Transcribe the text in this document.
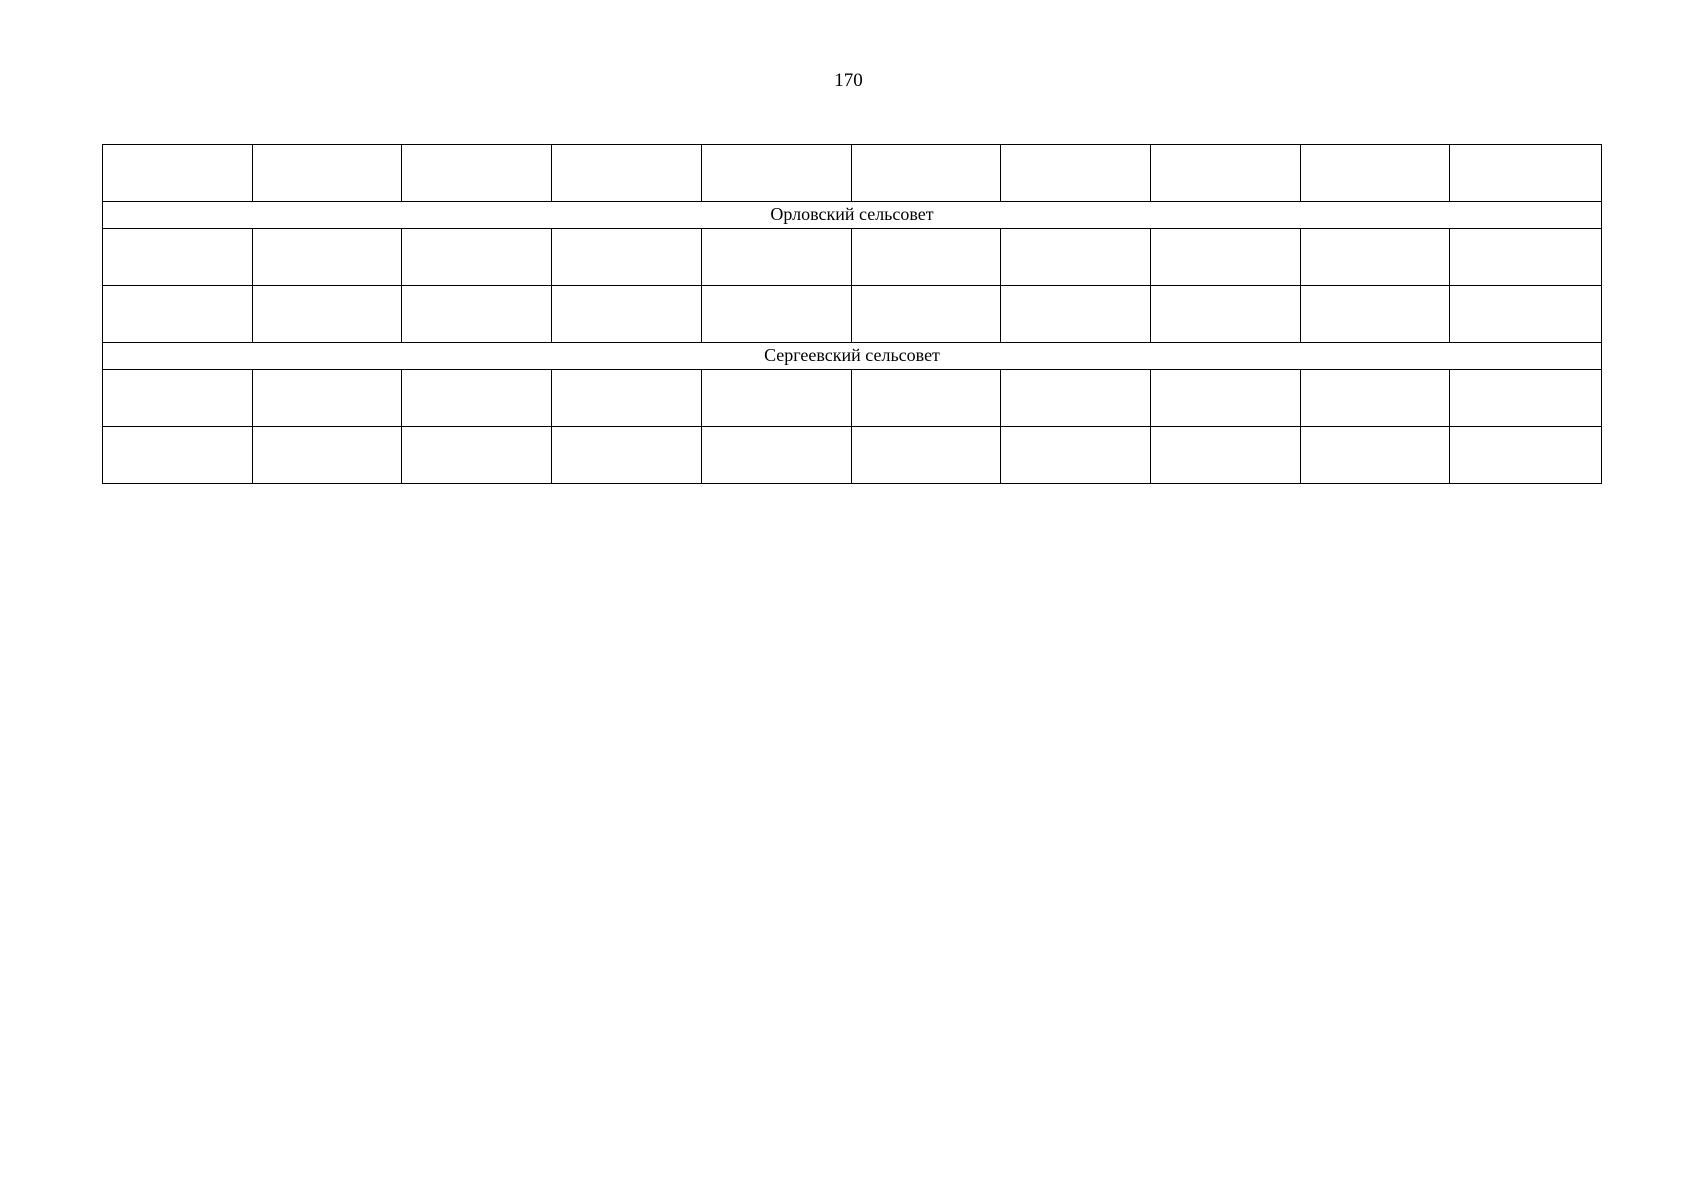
170

Орловский сельсовет									

Сергеевский сельсовет									
